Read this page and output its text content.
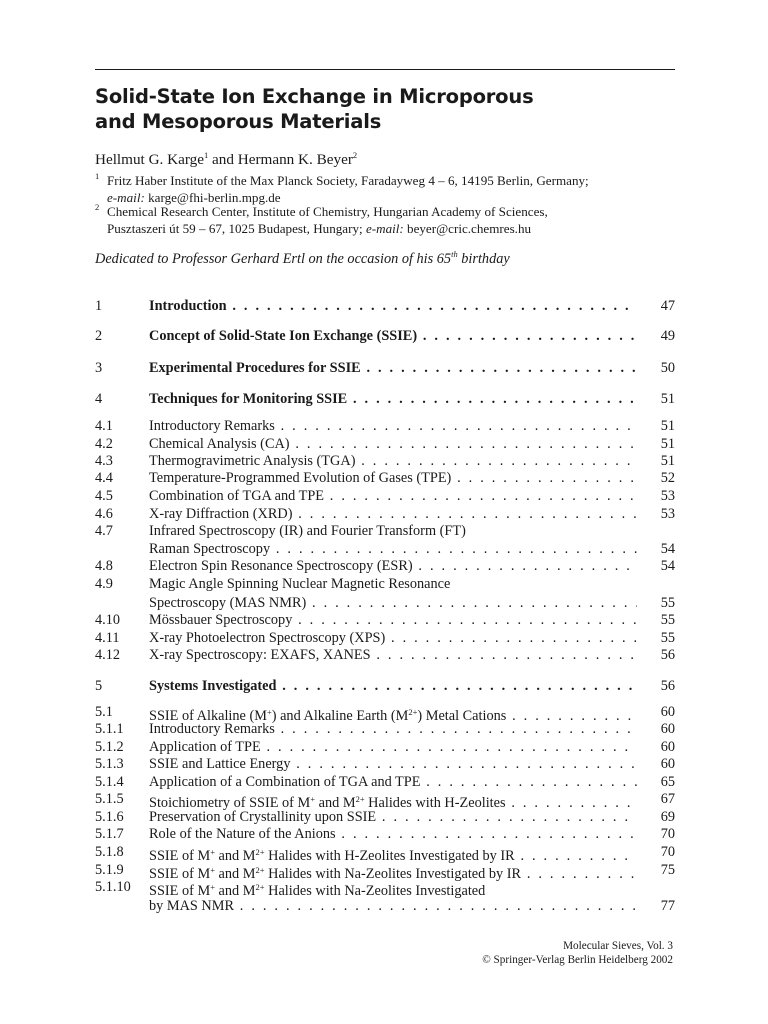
Solid-State Ion Exchange in Microporous
and Mesoporous Materials
Hellmut G. Karge$^1$ and Hermann K. Beyer$^2$
1 Fritz Haber Institute of the Max Planck Society, Faradayweg 4 – 6, 14195 Berlin, Germany;
e-mail: karge@fhi-berlin.mpg.de
2 Chemical Research Center, Institute of Chemistry, Hungarian Academy of Sciences,
Pusztaszeri út 59 – 67, 1025 Budapest, Hungary; e-mail: beyer@cric.chemres.hu
Dedicated to Professor Gerhard Ertl on the occasion of his 65th birthday
1	Introduction . . .	47
2	Concept of Solid-State Ion Exchange (SSIE) . . .	49
3	Experimental Procedures for SSIE . . .	50
4	Techniques for Monitoring SSIE . . .	51
4.1	Introductory Remarks . . .	51
4.2	Chemical Analysis (CA) . . .	51
4.3	Thermogravimetric Analysis (TGA) . . .	51
4.4	Temperature-Programmed Evolution of Gases (TPE) . . .	52
4.5	Combination of TGA and TPE . . .	53
4.6	X-ray Diffraction (XRD) . . .	53
4.7	Infrared Spectroscopy (IR) and Fourier Transform (FT)
Raman Spectroscopy . . .	54
4.8	Electron Spin Resonance Spectroscopy (ESR) . . .	54
4.9	Magic Angle Spinning Nuclear Magnetic Resonance
Spectroscopy (MAS NMR) . . .	55
4.10 Mössbauer Spectroscopy . . .	55
4.11 X-ray Photoelectron Spectroscopy (XPS) . . .	55
4.12 X-ray Spectroscopy: EXAFS, XANES . . .	56
5	Systems Investigated . . .	56
5.1	SSIE of Alkaline (M+) and Alkaline Earth $(M^{2+})$ Metal Cations . . .	60
5.1.1 Introductory Remarks . . .	60
5.1.2 Application of TPE . . .	60
5.1.3 SSIE and Lattice Energy . . .	60
5.1.4 Application of a Combination of TGA and TPE . . .	65
5.1.5 Stoichiometry of SSIE of M+ and $M^{2+}$ Halides with H-Zeolites . . .	67
5.1.6 Preservation of Crystallinity upon SSIE . . .	69
5.1.7 Role of the Nature of the Anions . . .	70
5.1.8 SSIE of M+ and $M^{2+}$ Halides with H-Zeolites Investigated by IR . . .	70
5.1.9 SSIE of M+ and $M^{2+}$ Halides with Na-Zeolites Investigated by IR . . .	75
5.1.10 SSIE of M+ and $M^{2+}$ Halides with Na-Zeolites Investigated
by MAS NMR . . .	77
Molecular Sieves, Vol. 3
© Springer-Verlag Berlin Heidelberg 2002
